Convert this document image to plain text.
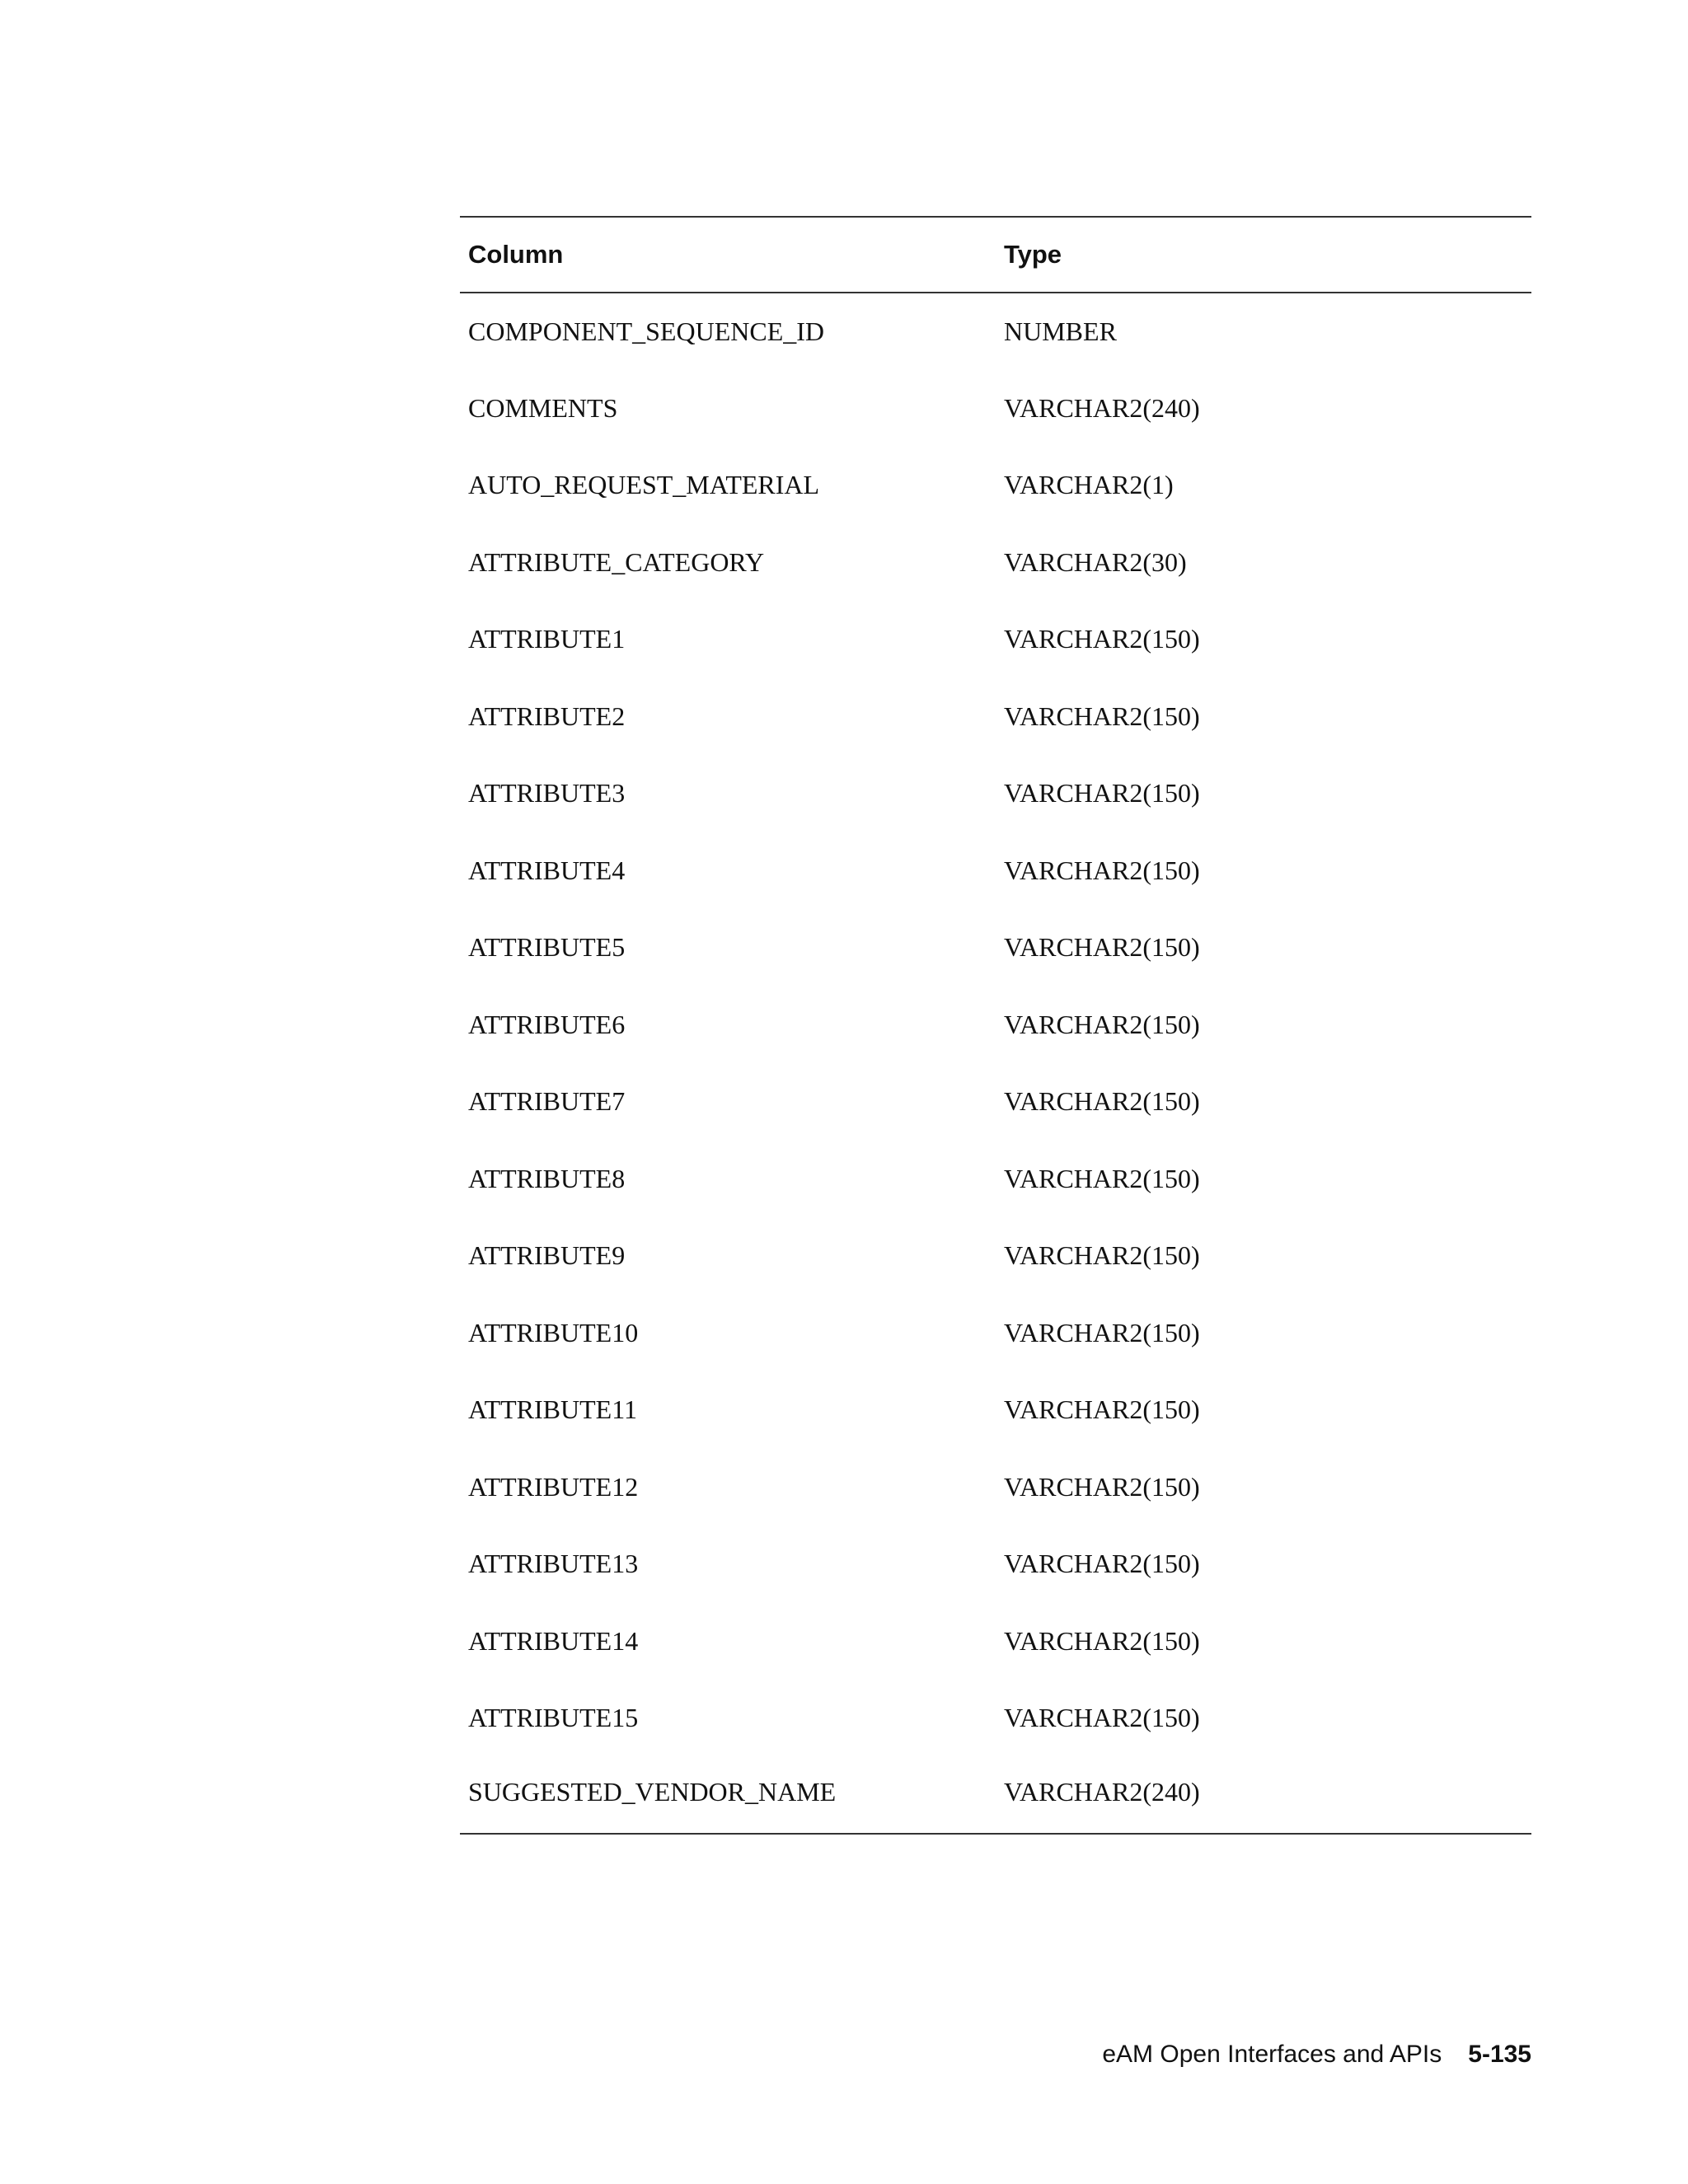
Column	Type
COMPONENT_SEQUENCE_ID	NUMBER
COMMENTS	VARCHAR2(240)
AUTO_REQUEST_MATERIAL	VARCHAR2(1)
ATTRIBUTE_CATEGORY	VARCHAR2(30)
ATTRIBUTE1	VARCHAR2(150)
ATTRIBUTE2	VARCHAR2(150)
ATTRIBUTE3	VARCHAR2(150)
ATTRIBUTE4	VARCHAR2(150)
ATTRIBUTE5	VARCHAR2(150)
ATTRIBUTE6	VARCHAR2(150)
ATTRIBUTE7	VARCHAR2(150)
ATTRIBUTE8	VARCHAR2(150)
ATTRIBUTE9	VARCHAR2(150)
ATTRIBUTE10	VARCHAR2(150)
ATTRIBUTE11	VARCHAR2(150)
ATTRIBUTE12	VARCHAR2(150)
ATTRIBUTE13	VARCHAR2(150)
ATTRIBUTE14	VARCHAR2(150)
ATTRIBUTE15	VARCHAR2(150)
SUGGESTED_VENDOR_NAME	VARCHAR2(240)
eAM Open Interfaces and APIs 5-135
